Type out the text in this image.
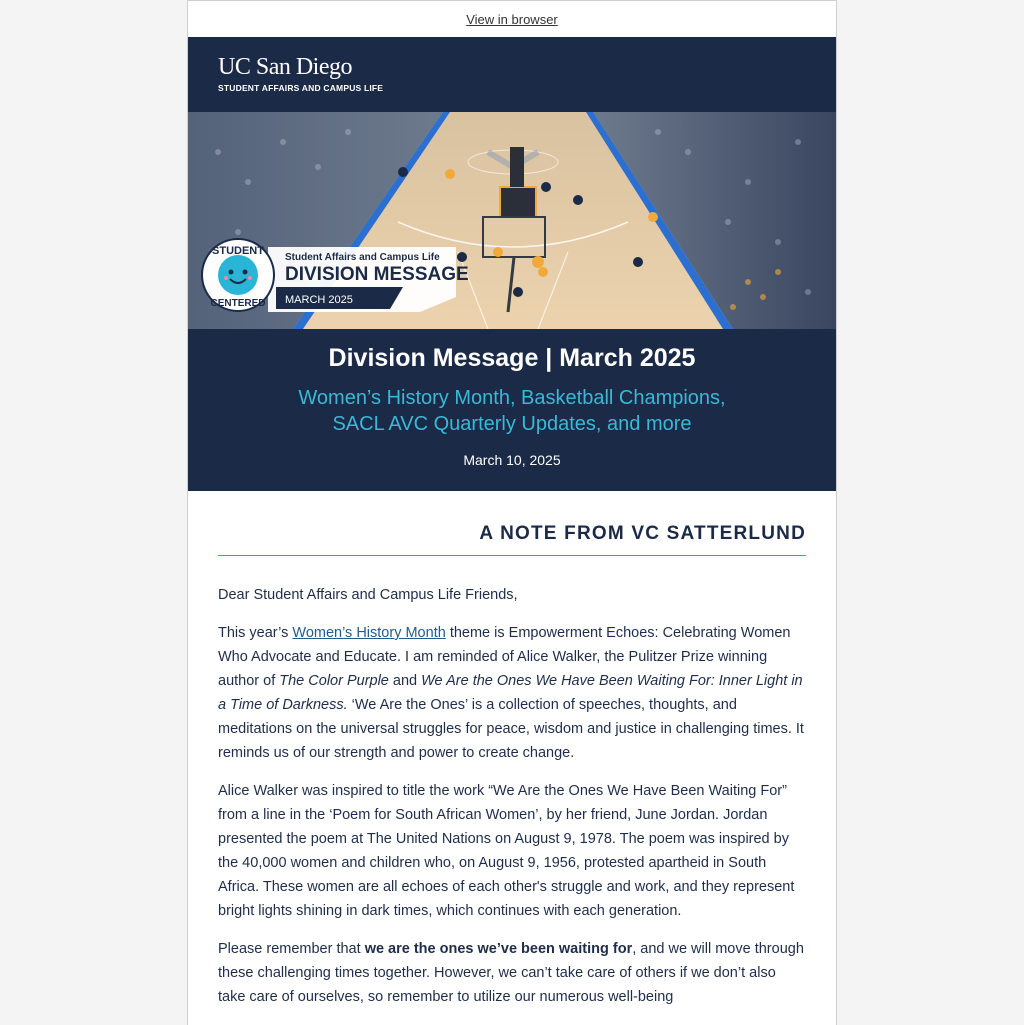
View in browser
UC San Diego
STUDENT AFFAIRS AND CAMPUS LIFE
Student Affairs and Campus Life
DIVISION MESSAGE
MARCH 2025
STUDENT
CENTERED
Division Message | March 2025
Women’s History Month, Basketball Champions,
SACL AVC Quarterly Updates, and more
March 10, 2025
A NOTE FROM VC SATTERLUND

Dear Student Affairs and Campus Life Friends,

This year’s Women’s History Month theme is Empowerment Echoes: Celebrating Women Who Advocate and Educate. I am reminded of Alice Walker, the Pulitzer Prize winning author of The Color Purple and We Are the Ones We Have Been Waiting For: Inner Light in a Time of Darkness. ‘We Are the Ones’ is a collection of speeches, thoughts, and meditations on the universal struggles for peace, wisdom and justice in challenging times. It reminds us of our strength and power to create change.

Alice Walker was inspired to title the work “We Are the Ones We Have Been Waiting For” from a line in the ‘Poem for South African Women’, by her friend, June Jordan. Jordan presented the poem at The United Nations on August 9, 1978. The poem was inspired by the 40,000 women and children who, on August 9, 1956, protested apartheid in South Africa. These women are all echoes of each other's struggle and work, and they represent bright lights shining in dark times, which continues with each generation.

Please remember that we are the ones we’ve been waiting for, and we will move through these challenging times together. However, we can’t take care of others if we don’t also take care of ourselves, so remember to utilize our numerous well-being
